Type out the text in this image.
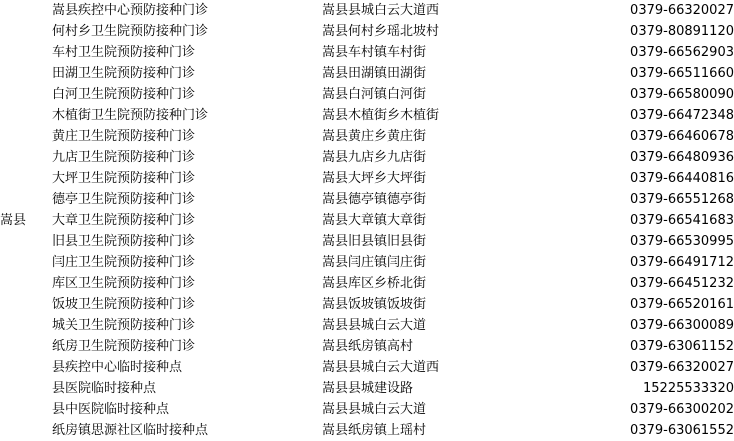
嵩县	嵩县疾控中心预防接种门诊	嵩县县城白云大道西	0379-66320027
	何村乡卫生院预防接种门诊	嵩县何村乡瑶北坡村	0379-80891120
	车村卫生院预防接种门诊	嵩县车村镇车村街	0379-66562903
	田湖卫生院预防接种门诊	嵩县田湖镇田湖街	0379-66511660
	白河卫生院预防接种门诊	嵩县白河镇白河街	0379-66580090
	木植街卫生院预防接种门诊	嵩县木植街乡木植街	0379-66472348
	黄庄卫生院预防接种门诊	嵩县黄庄乡黄庄街	0379-66460678
	九店卫生院预防接种门诊	嵩县九店乡九店街	0379-66480936
	大坪卫生院预防接种门诊	嵩县大坪乡大坪街	0379-66440816
	德亭卫生院预防接种门诊	嵩县德亭镇德亭街	0379-66551268
	大章卫生院预防接种门诊	嵩县大章镇大章街	0379-66541683
	旧县卫生院预防接种门诊	嵩县旧县镇旧县街	0379-66530995
	闫庄卫生院预防接种门诊	嵩县闫庄镇闫庄街	0379-66491712
	库区卫生院预防接种门诊	嵩县库区乡桥北街	0379-66451232
	饭坡卫生院预防接种门诊	嵩县饭坡镇饭坡街	0379-66520161
	城关卫生院预防接种门诊	嵩县县城白云大道	0379-66300089
	纸房卫生院预防接种门诊	嵩县纸房镇高村	0379-63061152
	县疾控中心临时接种点	嵩县县城白云大道西	0379-66320027
	县医院临时接种点	嵩县县城建设路	15225533320
	县中医院临时接种点	嵩县县城白云大道	0379-66300202
	纸房镇思源社区临时接种点	嵩县纸房镇上瑶村	0379-63061552
